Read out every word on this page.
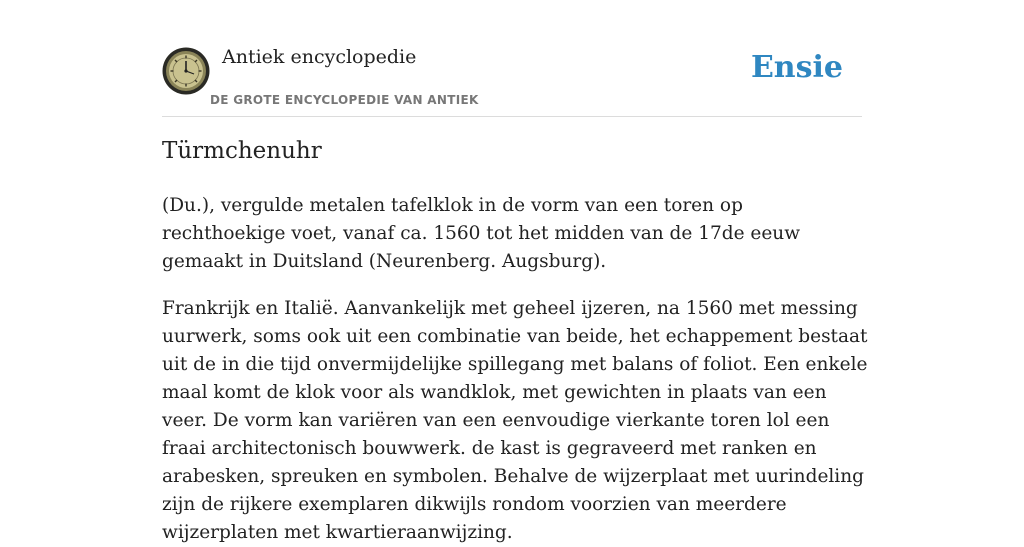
Antiek encyclopedie
DE GROTE ENCYCLOPEDIE VAN ANTIEK
Ensie
Türmchenuhr

(Du.), vergulde metalen tafelklok in de vorm van een toren op rechthoekige voet, vanaf ca. 1560 tot het midden van de 17de eeuw gemaakt in Duitsland (Neurenberg. Augsburg).

Frankrijk en Italië. Aanvankelijk met geheel ijzeren, na 1560 met messing uurwerk, soms ook uit een combinatie van beide, het echappement bestaat uit de in die tijd onvermijdelijke spillegang met balans of foliot. Een enkele maal komt de klok voor als wandklok, met gewichten in plaats van een veer. De vorm kan variëren van een eenvoudige vierkante toren lol een fraai architectonisch bouwwerk. de kast is gegraveerd met ranken en arabesken, spreuken en symbolen. Behalve de wijzerplaat met uurindeling zijn de rijkere exemplaren dikwijls rondom voorzien van meerdere wijzerplaten met kwartieraanwijzing.
